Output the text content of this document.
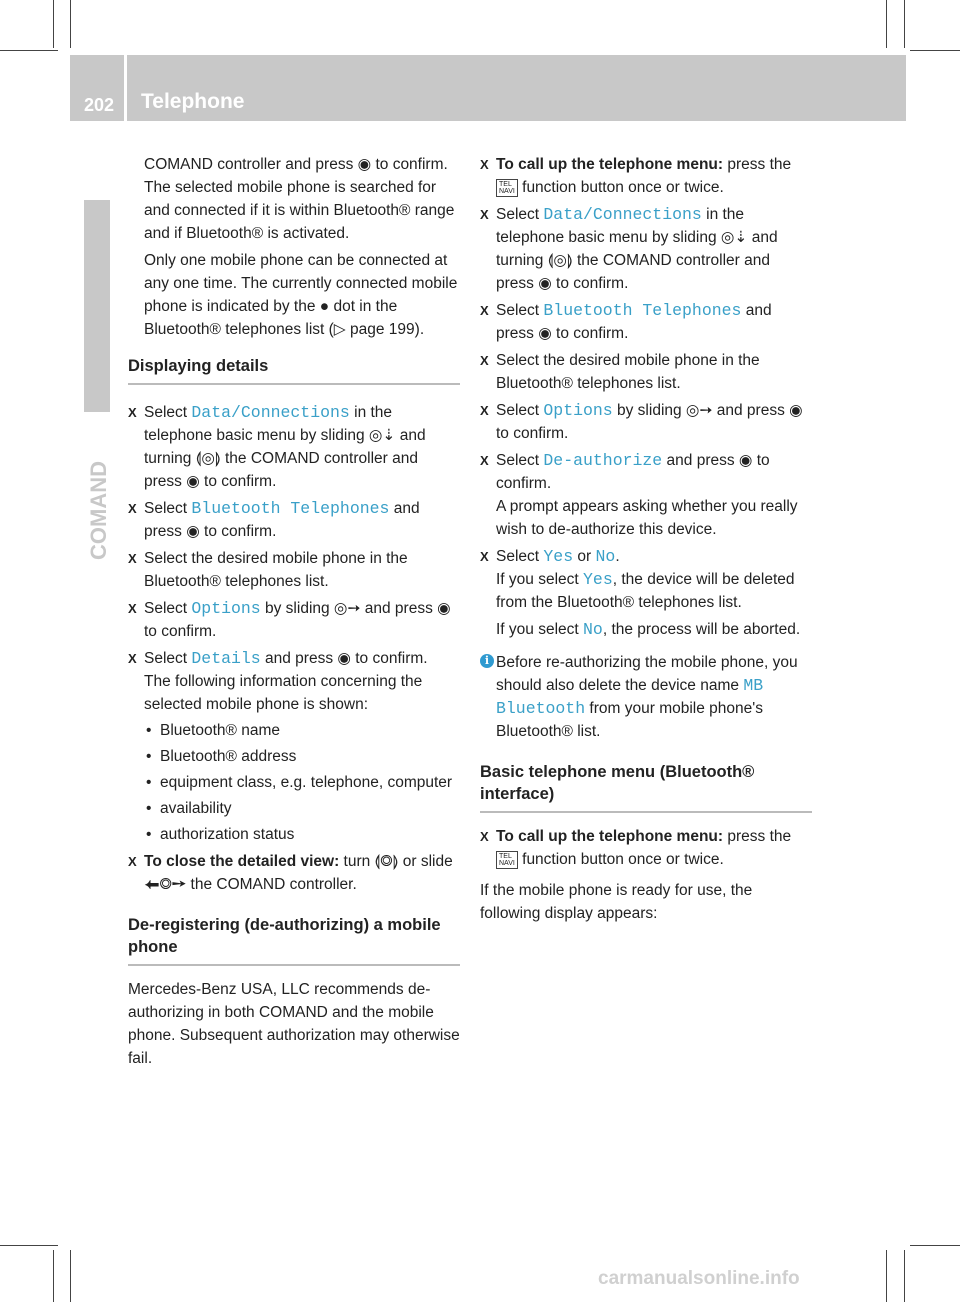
202 Telephone
COMAND

COMAND controller and press ◉ to confirm.

The selected mobile phone is searched for and connected if it is within Bluetooth® range and if Bluetooth® is activated.

Only one mobile phone can be connected at any one time. The currently connected mobile phone is indicated by the ● dot in the Bluetooth® telephones list (▷ page 199).

Displaying details
X Select Data/Connections in the telephone basic menu by sliding ◎⇣ and turning ⟬◎⟭ the COMAND controller and press ◉ to confirm.
X Select Bluetooth Telephones and press ◉ to confirm.
X Select the desired mobile phone in the Bluetooth® telephones list.
X Select Options by sliding ◎➙ and press ◉ to confirm.
X Select Details and press ◉ to confirm.

The following information concerning the selected mobile phone is shown:

• Bluetooth® name
• Bluetooth® address
• equipment class, e.g. telephone, computer
• availability
• authorization status
X To close the detailed view: turn ⟬◎⟭ or slide ⬅◎➙ the COMAND controller.
De-registering (de-authorizing) a mobile phone

Mercedes-Benz USA, LLC recommends de-authorizing in both COMAND and the mobile phone. Subsequent authorization may otherwise fail.

X To call up the telephone menu: press the
TEL
NAVI function button once or twice.
X Select Data/Connections in the telephone basic menu by sliding ◎⇣ and turning ⟬◎⟭ the COMAND controller and press ◉ to confirm.
X Select Bluetooth Telephones and press ◉ to confirm.
X Select the desired mobile phone in the Bluetooth® telephones list.
X Select Options by sliding ◎➙ and press ◉ to confirm.
X Select De-authorize and press ◉ to confirm.

A prompt appears asking whether you really wish to de-authorize this device.

X Select Yes or No.

If you select Yes, the device will be deleted from the Bluetooth® telephones list.

If you select No, the process will be aborted.

i Before re-authorizing the mobile phone, you should also delete the device name MB Bluetooth from your mobile phone's Bluetooth® list.
Basic telephone menu (Bluetooth® interface)
X To call up the telephone menu: press the
TEL
NAVI function button once or twice.

If the mobile phone is ready for use, the following display appears:

carmanualsonline.info
